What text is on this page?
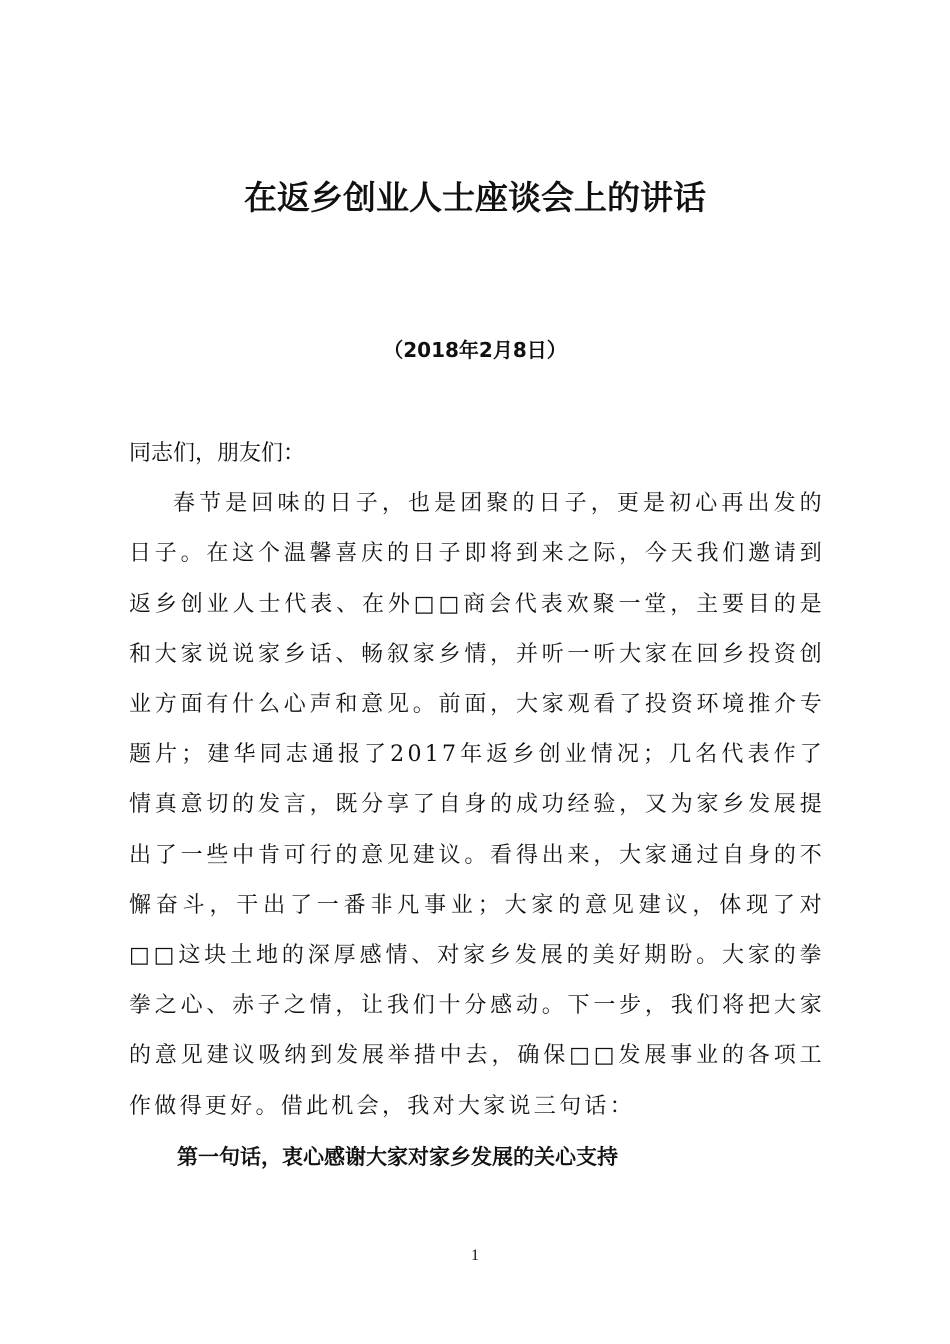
在返乡创业人士座谈会上的讲话
（2018年2月8日）

同志们，朋友们：

春节是回味的日子，也是团聚的日子，更是初心再出发的日子。在这个温馨喜庆的日子即将到来之际，今天我们邀请到返乡创业人士代表、在外□□商会代表欢聚一堂，主要目的是和大家说说家乡话、畅叙家乡情，并听一听大家在回乡投资创业方面有什么心声和意见。前面，大家观看了投资环境推介专题片；建华同志通报了2017年返乡创业情况；几名代表作了情真意切的发言，既分享了自身的成功经验，又为家乡发展提出了一些中肯可行的意见建议。看得出来，大家通过自身的不懈奋斗，干出了一番非凡事业；大家的意见建议，体现了对□□这块土地的深厚感情、对家乡发展的美好期盼。大家的拳拳之心、赤子之情，让我们十分感动。下一步，我们将把大家的意见建议吸纳到发展举措中去，确保□□发展事业的各项工作做得更好。借此机会，我对大家说三句话：

第一句话，衷心感谢大家对家乡发展的关心支持

1
